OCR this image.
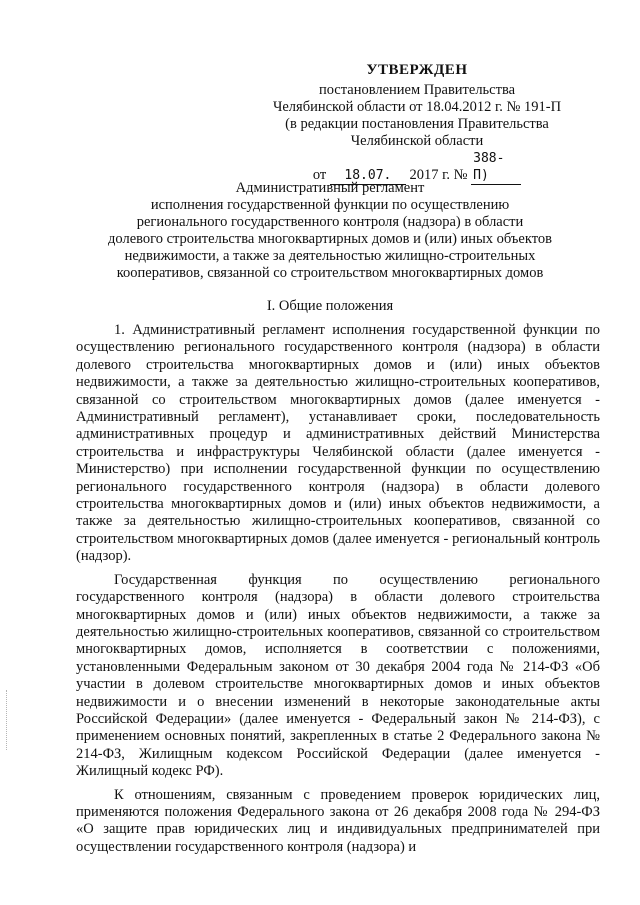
УТВЕРЖДЕН
постановлением Правительства
Челябинской области от 18.04.2012 г. № 191-П
(в редакции постановления Правительства
Челябинской области
от 18.07. 2017 г. № 388-П)
Административный регламент
исполнения государственной функции по осуществлению
регионального государственного контроля (надзора) в области
долевого строительства многоквартирных домов и (или) иных объектов
недвижимости, а также за деятельностью жилищно-строительных
кооперативов, связанной со строительством многоквартирных домов
I. Общие положения

1. Административный регламент исполнения государственной функции по осуществлению регионального государственного контроля (надзора) в области долевого строительства многоквартирных домов и (или) иных объектов недвижимости, а также за деятельностью жилищно-строительных кооперативов, связанной со строительством многоквартирных домов (далее именуется - Административный регламент), устанавливает сроки, последовательность административных процедур и административных действий Министерства строительства и инфраструктуры Челябинской области (далее именуется - Министерство) при исполнении государственной функции по осуществлению регионального государственного контроля (надзора) в области долевого строительства многоквартирных домов и (или) иных объектов недвижимости, а также за деятельностью жилищно-строительных кооперативов, связанной со строительством многоквартирных домов (далее именуется - региональный контроль (надзор).

Государственная функция по осуществлению регионального государственного контроля (надзора) в области долевого строительства многоквартирных домов и (или) иных объектов недвижимости, а также за деятельностью жилищно-строительных кооперативов, связанной со строительством многоквартирных домов, исполняется в соответствии с положениями, установленными Федеральным законом от 30 декабря 2004 года № 214-ФЗ «Об участии в долевом строительстве многоквартирных домов и иных объектов недвижимости и о внесении изменений в некоторые законодательные акты Российской Федерации» (далее именуется - Федеральный закон № 214-ФЗ), с применением основных понятий, закрепленных в статье 2 Федерального закона № 214-ФЗ, Жилищным кодексом Российской Федерации (далее именуется - Жилищный кодекс РФ).

К отношениям, связанным с проведением проверок юридических лиц, применяются положения Федерального закона от 26 декабря 2008 года № 294-ФЗ «О защите прав юридических лиц и индивидуальных предпринимателей при осуществлении государственного контроля (надзора) и
